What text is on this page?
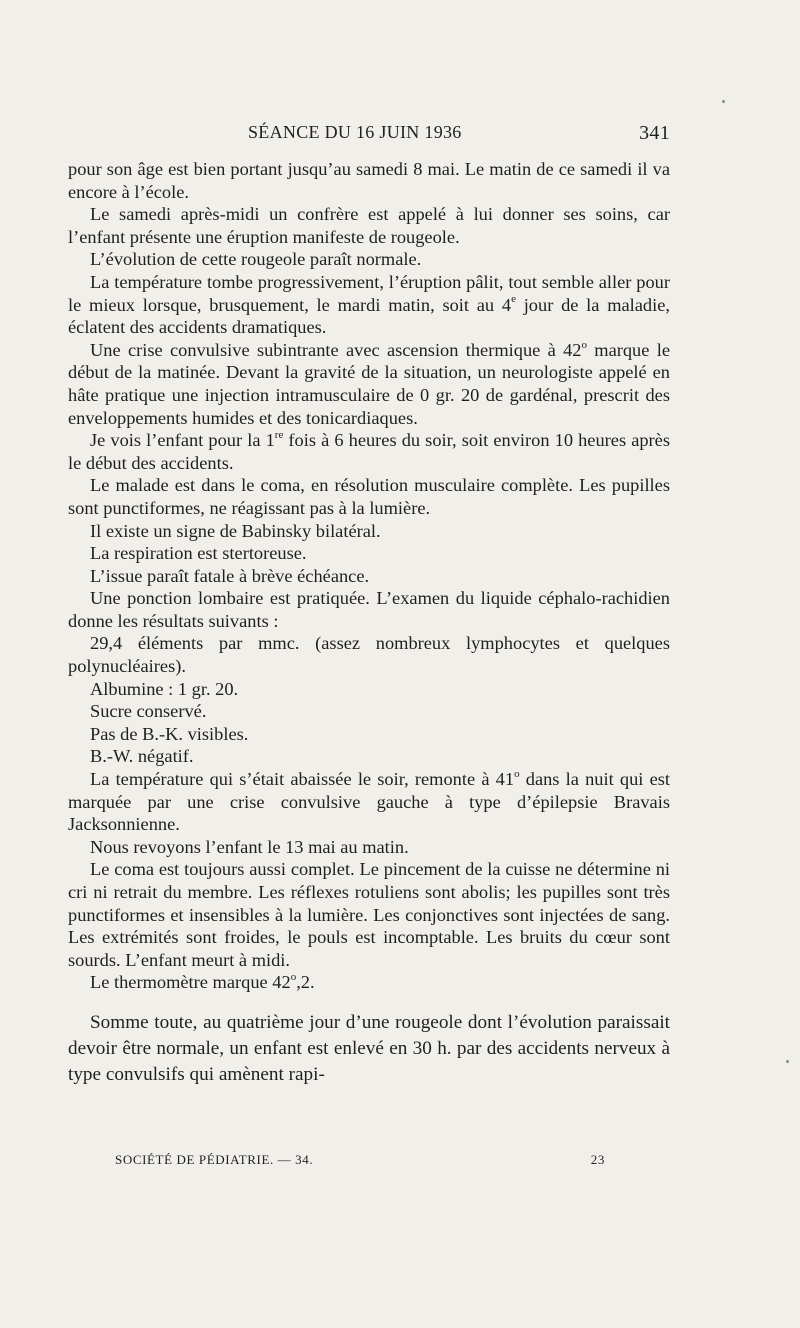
SÉANCE DU 16 JUIN 1936	341

pour son âge est bien portant jusqu’au samedi 8 mai. Le matin de ce samedi il va encore à l’école.

Le samedi après-midi un confrère est appelé à lui donner ses soins, car l’enfant présente une éruption manifeste de rougeole.

L’évolution de cette rougeole paraît normale.

La température tombe progressivement, l’éruption pâlit, tout semble aller pour le mieux lorsque, brusquement, le mardi matin, soit au 4e jour de la maladie, éclatent des accidents dramatiques.

Une crise convulsive subintrante avec ascension thermique à 42$^o$ marque le début de la matinée. Devant la gravité de la situation, un neurologiste appelé en hâte pratique une injection intramusculaire de 0 gr. 20 de gardénal, prescrit des enveloppements humides et des tonicardiaques.

Je vois l’enfant pour la 1re fois à 6 heures du soir, soit environ 10 heures après le début des accidents.

Le malade est dans le coma, en résolution musculaire complète. Les pupilles sont punctiformes, ne réagissant pas à la lumière.

Il existe un signe de Babinsky bilatéral.

La respiration est stertoreuse.

L’issue paraît fatale à brève échéance.

Une ponction lombaire est pratiquée. L’examen du liquide céphalo-rachidien donne les résultats suivants :

29,4 éléments par mmc. (assez nombreux lymphocytes et quelques polynucléaires).

Albumine : 1 gr. 20.

Sucre conservé.

Pas de B.-K. visibles.

B.-W. négatif.

La température qui s’était abaissée le soir, remonte à 41$^o$ dans la nuit qui est marquée par une crise convulsive gauche à type d’épilepsie Bravais Jacksonnienne.

Nous revoyons l’enfant le 13 mai au matin.

Le coma est toujours aussi complet. Le pincement de la cuisse ne détermine ni cri ni retrait du membre. Les réflexes rotuliens sont abolis; les pupilles sont très punctiformes et insensibles à la lumière. Les conjonctives sont injectées de sang. Les extrémités sont froides, le pouls est incomptable. Les bruits du cœur sont sourds. L’enfant meurt à midi.

Le thermomètre marque 42$^o$,2.

Somme toute, au quatrième jour d’une rougeole dont l’évolution paraissait devoir être normale, un enfant est enlevé en 30 h. par des accidents nerveux à type convulsifs qui amènent rapi-

SOCIÉTÉ DE PÉDIATRIE. — 34.	23
